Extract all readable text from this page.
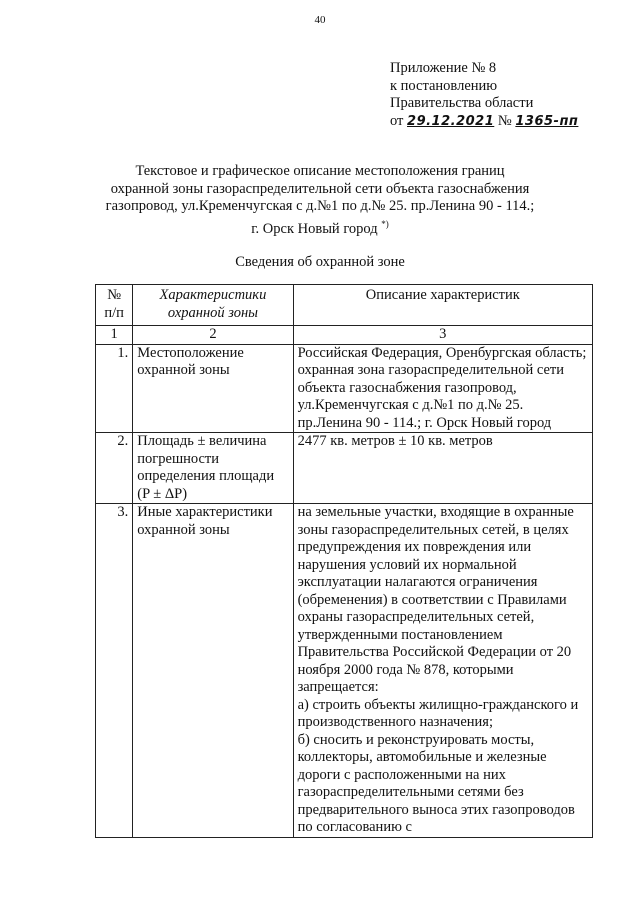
40
Приложение № 8
к постановлению
Правительства области
от 29.12.2021 № 1365-пп
Текстовое и графическое описание местоположения границ
охранной зоны газораспределительной сети объекта газоснабжения
газопровод, ул.Кременчугская с д.№1 по д.№ 25. пр.Ленина 90 - 114.;
г. Орск Новый город *)
Сведения об охранной зоне
№ п/п	Характеристики охранной зоны	Описание характеристик
1	2	3
1.	Местоположение охранной зоны	Российская Федерация, Оренбургская область; охранная зона газораспределительной сети объекта газоснабжения газопровод, ул.Кременчугская с д.№1 по д.№ 25. пр.Ленина 90 - 114.; г. Орск Новый город
2.	Площадь ± величина погрешности определения площади (P ± ΔP)	2477 кв. метров ± 10 кв. метров
3.	Иные характеристики охранной зоны	на земельные участки, входящие в охранные зоны газораспределительных сетей, в целях предупреждения их повреждения или нарушения условий их нормальной эксплуатации налагаются ограничения (обременения) в соответствии с Правилами охраны газораспределительных сетей, утвержденными постановлением Правительства Российской Федерации от 20 ноября 2000 года № 878, которыми запрещается:
а) строить объекты жилищно-гражданского и производственного назначения;
б) сносить и реконструировать мосты, коллекторы, автомобильные и железные дороги с расположенными на них газораспределительными сетями без предварительного выноса этих газопроводов по согласованию с
